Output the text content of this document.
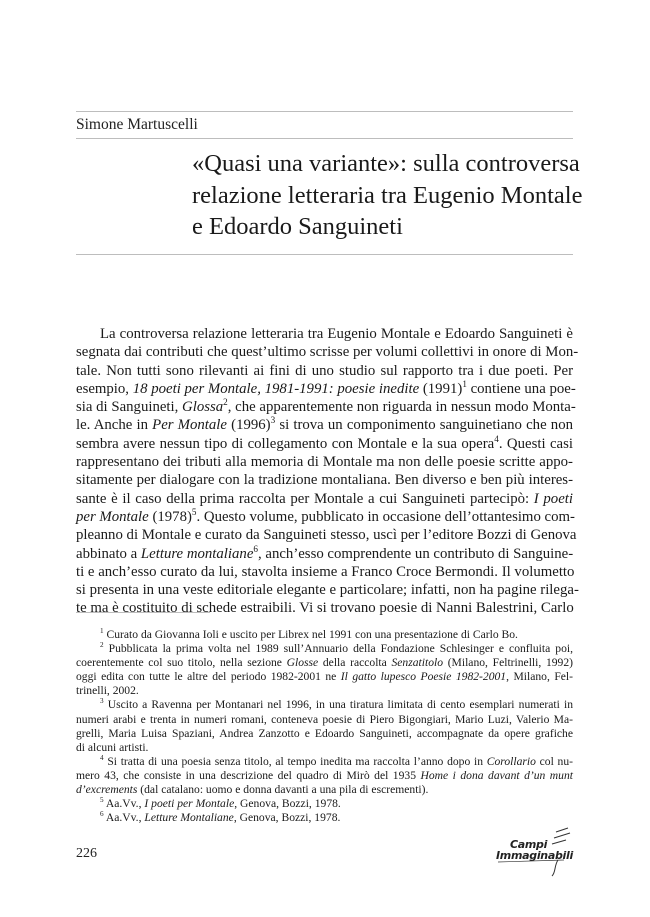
Simone Martuscelli
«Quasi una variante»: sulla controversa
relazione letteraria tra Eugenio Montale
e Edoardo Sanguineti
La controversa relazione letteraria tra Eugenio Montale e Edoardo Sanguineti è
segnata dai contributi che quest’ultimo scrisse per volumi collettivi in onore di Mon-
tale. Non tutti sono rilevanti ai fini di uno studio sul rapporto tra i due poeti. Per
esempio, 18 poeti per Montale, 1981-1991: poesie inedite $(1991)^1$ contiene una poe-
sia di Sanguineti, Glossa$^2$, che apparentemente non riguarda in nessun modo Monta-
le. Anche in Per Montale $(1996)^3$ si trova un componimento sanguinetiano che non
sembra avere nessun tipo di collegamento con Montale e la sua opera$^4$. Questi casi
rappresentano dei tributi alla memoria di Montale ma non delle poesie scritte appo-
sitamente per dialogare con la tradizione montaliana. Ben diverso e ben più interes-
sante è il caso della prima raccolta per Montale a cui Sanguineti partecipò: I poeti
per Montale $(1978)^5$. Questo volume, pubblicato in occasione dell’ottantesimo com-
pleanno di Montale e curato da Sanguineti stesso, uscì per l’editore Bozzi di Genova
abbinato a Letture montaliane$^6$, anch’esso comprendente un contributo di Sanguine-
ti e anch’esso curato da lui, stavolta insieme a Franco Croce Bermondi. Il volumetto
si presenta in una veste editoriale elegante e particolare; infatti, non ha pagine rilega-
te ma è costituito di schede estraibili. Vi si trovano poesie di Nanni Balestrini, Carlo
$^1$ Curato da Giovanna Ioli e uscito per Librex nel 1991 con una presentazione di Carlo Bo.
$^2$ Pubblicata la prima volta nel 1989 sull’Annuario della Fondazione Schlesinger e confluita poi,
coerentemente col suo titolo, nella sezione Glosse della raccolta Senzatitolo (Milano, Feltrinelli, 1992)
oggi edita con tutte le altre del periodo 1982-2001 ne Il gatto lupesco Poesie 1982-2001, Milano, Fel-
trinelli, 2002.
$^3$ Uscito a Ravenna per Montanari nel 1996, in una tiratura limitata di cento esemplari numerati in
numeri arabi e trenta in numeri romani, conteneva poesie di Piero Bigongiari, Mario Luzi, Valerio Ma-
grelli, Maria Luisa Spaziani, Andrea Zanzotto e Edoardo Sanguineti, accompagnate da opere grafiche
di alcuni artisti.
$^4$ Si tratta di una poesia senza titolo, al tempo inedita ma raccolta l’anno dopo in Corollario col nu-
mero 43, che consiste in una descrizione del quadro di Mirò del 1935 Home i dona davant d’un munt
d’excrements (dal catalano: uomo e donna davanti a una pila di escrementi).
$^5$ Aa.Vv., I poeti per Montale, Genova, Bozzi, 1978.
$^6$ Aa.Vv., Letture Montaliane, Genova, Bozzi, 1978.
226
Campi
Immaginabili
